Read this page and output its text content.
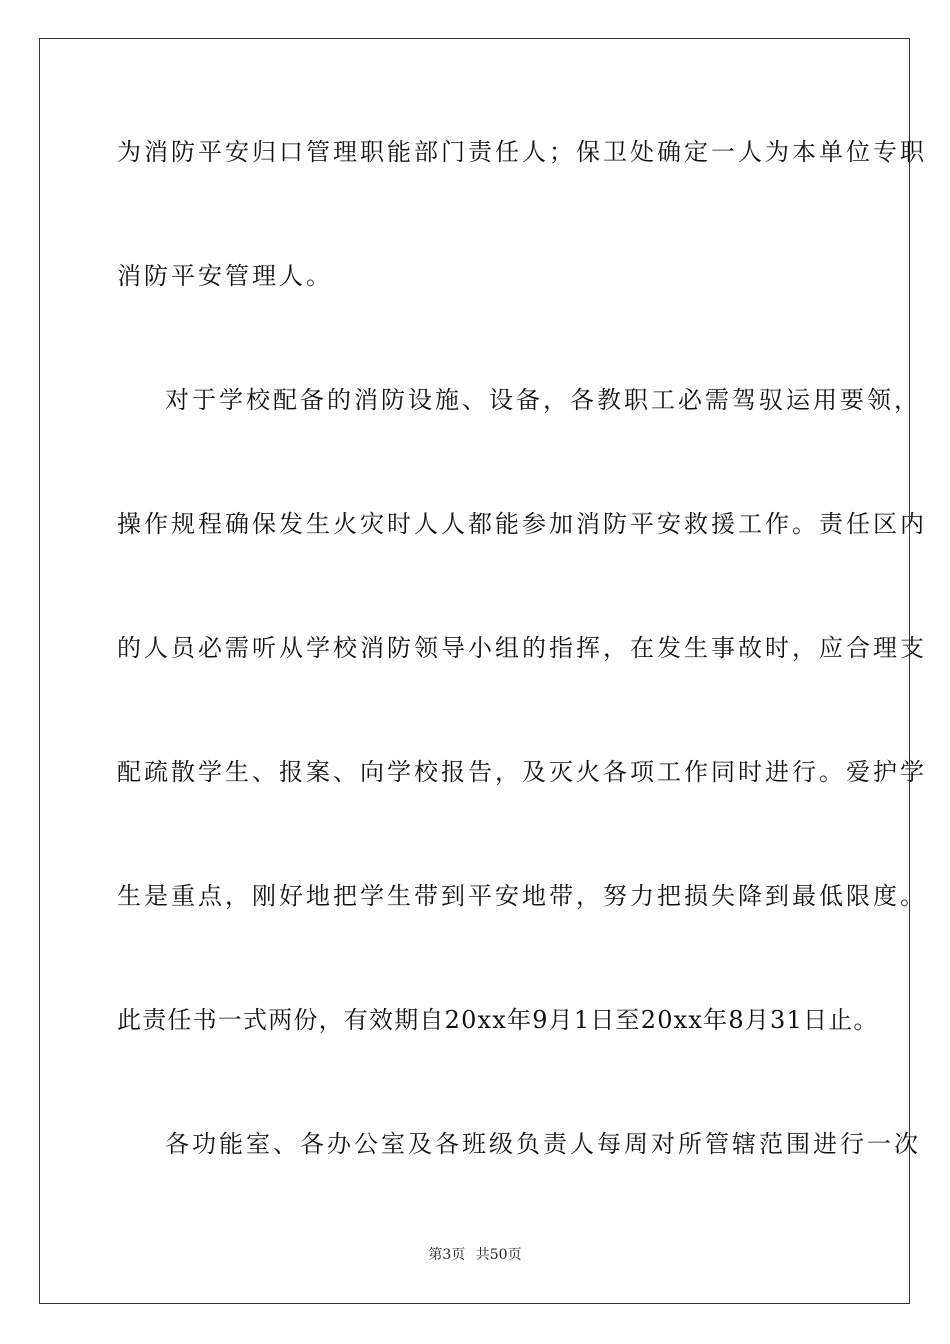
为消防平安归口管理职能部门责任人；保卫处确定一人为本单位专职
消防平安管理人。
对于学校配备的消防设施、设备，各教职工必需驾驭运用要领，
操作规程确保发生火灾时人人都能参加消防平安救援工作。责任区内
的人员必需听从学校消防领导小组的指挥，在发生事故时，应合理支
配疏散学生、报案、向学校报告，及灭火各项工作同时进行。爱护学
生是重点，刚好地把学生带到平安地带，努力把损失降到最低限度。
此责任书一式两份，有效期自20xx年9月1日至20xx年8月31日止。
各功能室、各办公室及各班级负责人每周对所管辖范围进行一次
第3页 共50页
